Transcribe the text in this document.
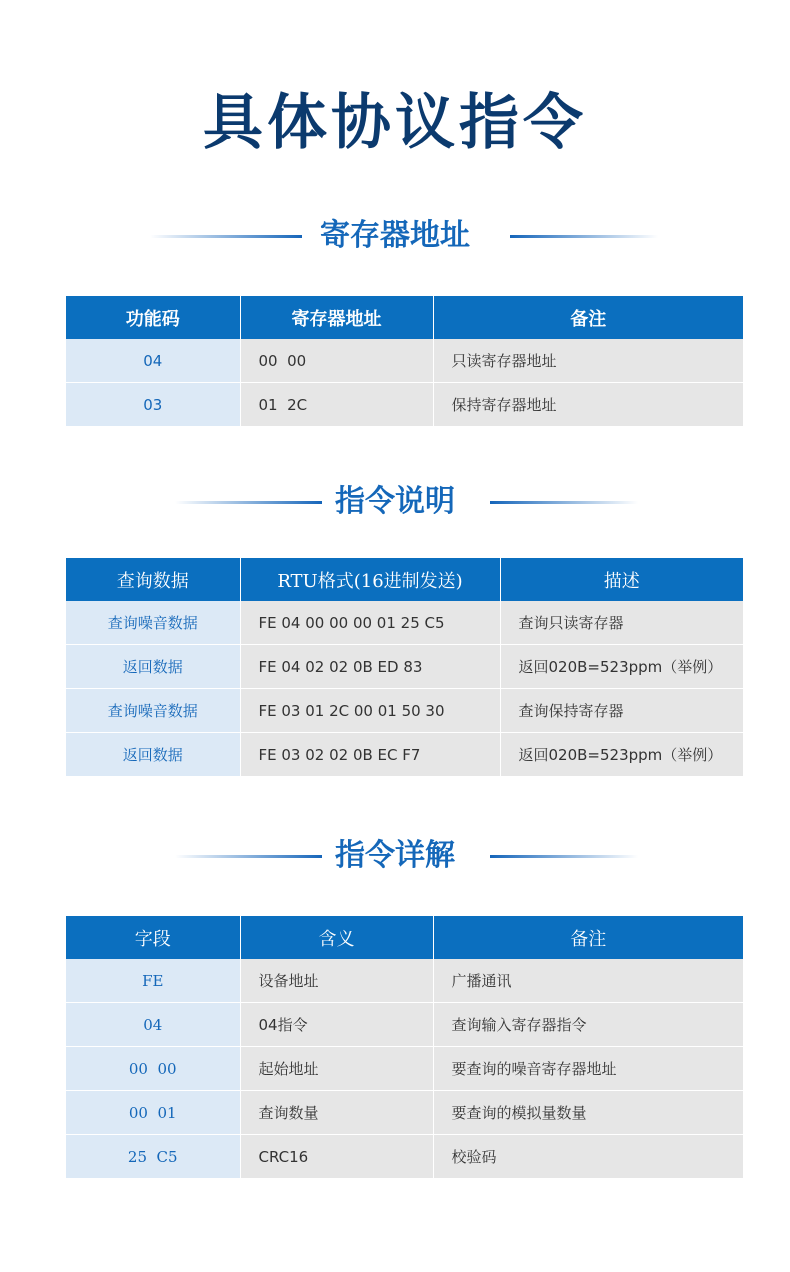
具体协议指令
寄存器地址
功能码	寄存器地址	备注
04	00  00	只读寄存器地址
03	01  2C	保持寄存器地址
指令说明
查询数据	RTU格式(16进制发送)	描述
查询噪音数据	FE 04 00 00 00 01 25 C5	查询只读寄存器
返回数据	FE 04 02 02 0B ED 83	返回020B=523ppm（举例）
查询噪音数据	FE 03 01 2C 00 01 50 30	查询保持寄存器
返回数据	FE 03 02 02 0B EC F7	返回020B=523ppm（举例）
指令详解
字段	含义	备注
FE	设备地址	广播通讯
04	04指令	查询输入寄存器指令
00  00	起始地址	要查询的噪音寄存器地址
00  01	查询数量	要查询的模拟量数量
25  C5	CRC16	校验码
